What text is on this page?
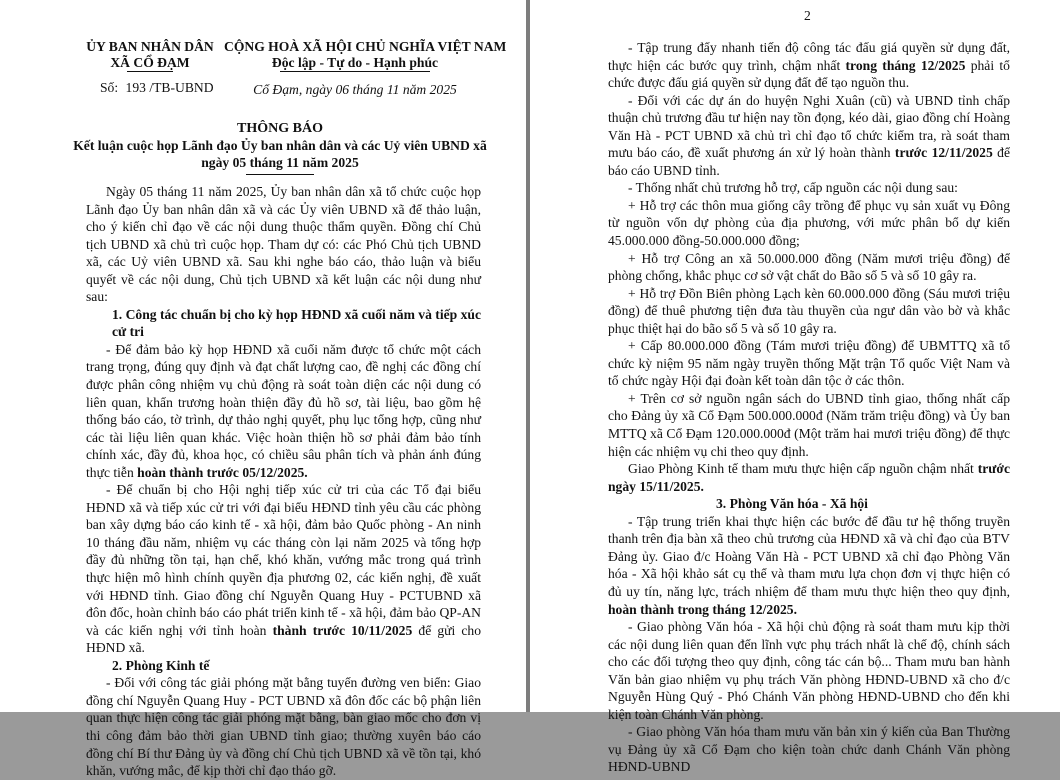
ỦY BAN NHÂN DÂN
XÃ CỔ ĐẠM
CỘNG HOÀ XÃ HỘI CHỦ NGHĨA VIỆT NAM
Độc lập - Tự do - Hạnh phúc
Số: 193 /TB-UBND	Cổ Đạm, ngày 06 tháng 11 năm 2025
THÔNG BÁO
Kết luận cuộc họp Lãnh đạo Ủy ban nhân dân và các Uỷ viên UBND xã
ngày 05 tháng 11 năm 2025

Ngày 05 tháng 11 năm 2025, Ủy ban nhân dân xã tổ chức cuộc họp Lãnh đạo Ủy ban nhân dân xã và các Ủy viên UBND xã để thảo luận, cho ý kiến chỉ đạo về các nội dung thuộc thẩm quyền. Đồng chí Chủ tịch UBND xã chủ trì cuộc họp. Tham dự có: các Phó Chủ tịch UBND xã, các Uỷ viên UBND xã. Sau khi nghe báo cáo, thảo luận và biểu quyết về các nội dung, Chủ tịch UBND xã kết luận các nội dung như sau:

1. Công tác chuẩn bị cho kỳ họp HĐND xã cuối năm và tiếp xúc cử tri

- Để đảm bảo kỳ họp HĐND xã cuối năm được tổ chức một cách trang trọng, đúng quy định và đạt chất lượng cao, đề nghị các đồng chí được phân công nhiệm vụ chủ động rà soát toàn diện các nội dung có liên quan, khẩn trương hoàn thiện đầy đủ hồ sơ, tài liệu, bao gồm hệ thống báo cáo, tờ trình, dự thảo nghị quyết, phụ lục tổng hợp, cũng như các tài liệu liên quan khác. Việc hoàn thiện hồ sơ phải đảm bảo tính chính xác, đầy đủ, khoa học, có chiều sâu phân tích và phản ánh đúng thực tiễn hoàn thành trước 05/12/2025.

- Để chuẩn bị cho Hội nghị tiếp xúc cử tri của các Tổ đại biểu HĐND xã và tiếp xúc cử tri với đại biểu HĐND tỉnh yêu cầu các phòng ban xây dựng báo cáo kinh tế - xã hội, đảm bảo Quốc phòng - An ninh 10 tháng đầu năm, nhiệm vụ các tháng còn lại năm 2025 và tổng hợp đầy đủ những tồn tại, hạn chế, khó khăn, vướng mắc trong quá trình thực hiện mô hình chính quyền địa phương 02, các kiến nghị, đề xuất với HĐND tỉnh. Giao đồng chí Nguyễn Quang Huy - PCTUBND xã đôn đốc, hoàn chỉnh báo cáo phát triển kinh tế - xã hội, đảm bảo QP-AN và các kiến nghị với tỉnh hoàn thành trước 10/11/2025 để gửi cho HĐND xã.

2. Phòng Kinh tế

- Đối với công tác giải phóng mặt bằng tuyến đường ven biển: Giao đồng chí Nguyễn Quang Huy - PCT UBND xã đôn đốc các bộ phận liên quan thực hiện công tác giải phóng mặt bằng, bàn giao mốc cho đơn vị thi công đảm bảo thời gian UBND tỉnh giao; thường xuyên báo cáo đồng chí Bí thư Đảng ủy và đồng chí Chủ tịch UBND xã về tồn tại, khó khăn, vướng mắc, để kịp thời chỉ đạo tháo gỡ.

2

- Tập trung đẩy nhanh tiến độ công tác đấu giá quyền sử dụng đất, thực hiện các bước quy trình, chậm nhất trong tháng 12/2025 phải tổ chức được đấu giá quyền sử dụng đất để tạo nguồn thu.

- Đối với các dự án do huyện Nghi Xuân (cũ) và UBND tỉnh chấp thuận chủ trương đầu tư hiện nay tồn đọng, kéo dài, giao đồng chí Hoàng Văn Hà - PCT UBND xã chủ trì chỉ đạo tổ chức kiểm tra, rà soát tham mưu báo cáo, đề xuất phương án xử lý hoàn thành trước 12/11/2025 để báo cáo UBND tỉnh.

- Thống nhất chủ trương hỗ trợ, cấp nguồn các nội dung sau:

+ Hỗ trợ các thôn mua giống cây trồng để phục vụ sản xuất vụ Đông từ nguồn vốn dự phòng của địa phương, với mức phân bổ dự kiến 45.000.000 đồng-50.000.000 đồng;

+ Hỗ trợ Công an xã 50.000.000 đồng (Năm mươi triệu đồng) để phòng chống, khắc phục cơ sở vật chất do Bão số 5 và số 10 gây ra.

+ Hỗ trợ Đồn Biên phòng Lạch kèn 60.000.000 đồng (Sáu mươi triệu đồng) để thuê phương tiện đưa tàu thuyền của ngư dân vào bờ và khắc phục thiệt hại do bão số 5 và số 10 gây ra.

+ Cấp 80.000.000 đồng (Tám mươi triệu đồng) để UBMTTQ xã tổ chức kỳ niệm 95 năm ngày truyền thống Mặt trận Tổ quốc Việt Nam và tổ chức ngày Hội đại đoàn kết toàn dân tộc ở các thôn.

+ Trên cơ sở nguồn ngân sách do UBND tỉnh giao, thống nhất cấp cho Đảng ủy xã Cổ Đạm 500.000.000đ (Năm trăm triệu đồng) và Ủy ban MTTQ xã Cổ Đạm 120.000.000đ (Một trăm hai mươi triệu đồng) để thực hiện các nhiệm vụ chi theo quy định.

Giao Phòng Kinh tế tham mưu thực hiện cấp nguồn chậm nhất trước ngày 15/11/2025.

3. Phòng Văn hóa - Xã hội

- Tập trung triển khai thực hiện các bước để đầu tư hệ thống truyền thanh trên địa bàn xã theo chủ trương của HĐND xã và chỉ đạo của BTV Đảng ủy. Giao đ/c Hoàng Văn Hà - PCT UBND xã chỉ đạo Phòng Văn hóa - Xã hội khảo sát cụ thể và tham mưu lựa chọn đơn vị thực hiện có đủ uy tín, năng lực, trách nhiệm để tham mưu thực hiện theo quy định, hoàn thành trong tháng 12/2025.

- Giao phòng Văn hóa - Xã hội chủ động rà soát tham mưu kịp thời các nội dung liên quan đến lĩnh vực phụ trách nhất là chế độ, chính sách cho các đối tượng theo quy định, công tác cán bộ... Tham mưu ban hành Văn bản giao nhiệm vụ phụ trách Văn phòng HĐND-UBND xã cho đ/c Nguyễn Hùng Quý - Phó Chánh Văn phòng HĐND-UBND cho đến khi kiện toàn Chánh Văn phòng.

- Giao phòng Văn hóa tham mưu văn bản xin ý kiến của Ban Thường vụ Đảng ủy xã Cổ Đạm cho kiện toàn chức danh Chánh Văn phòng HĐND-UBND
